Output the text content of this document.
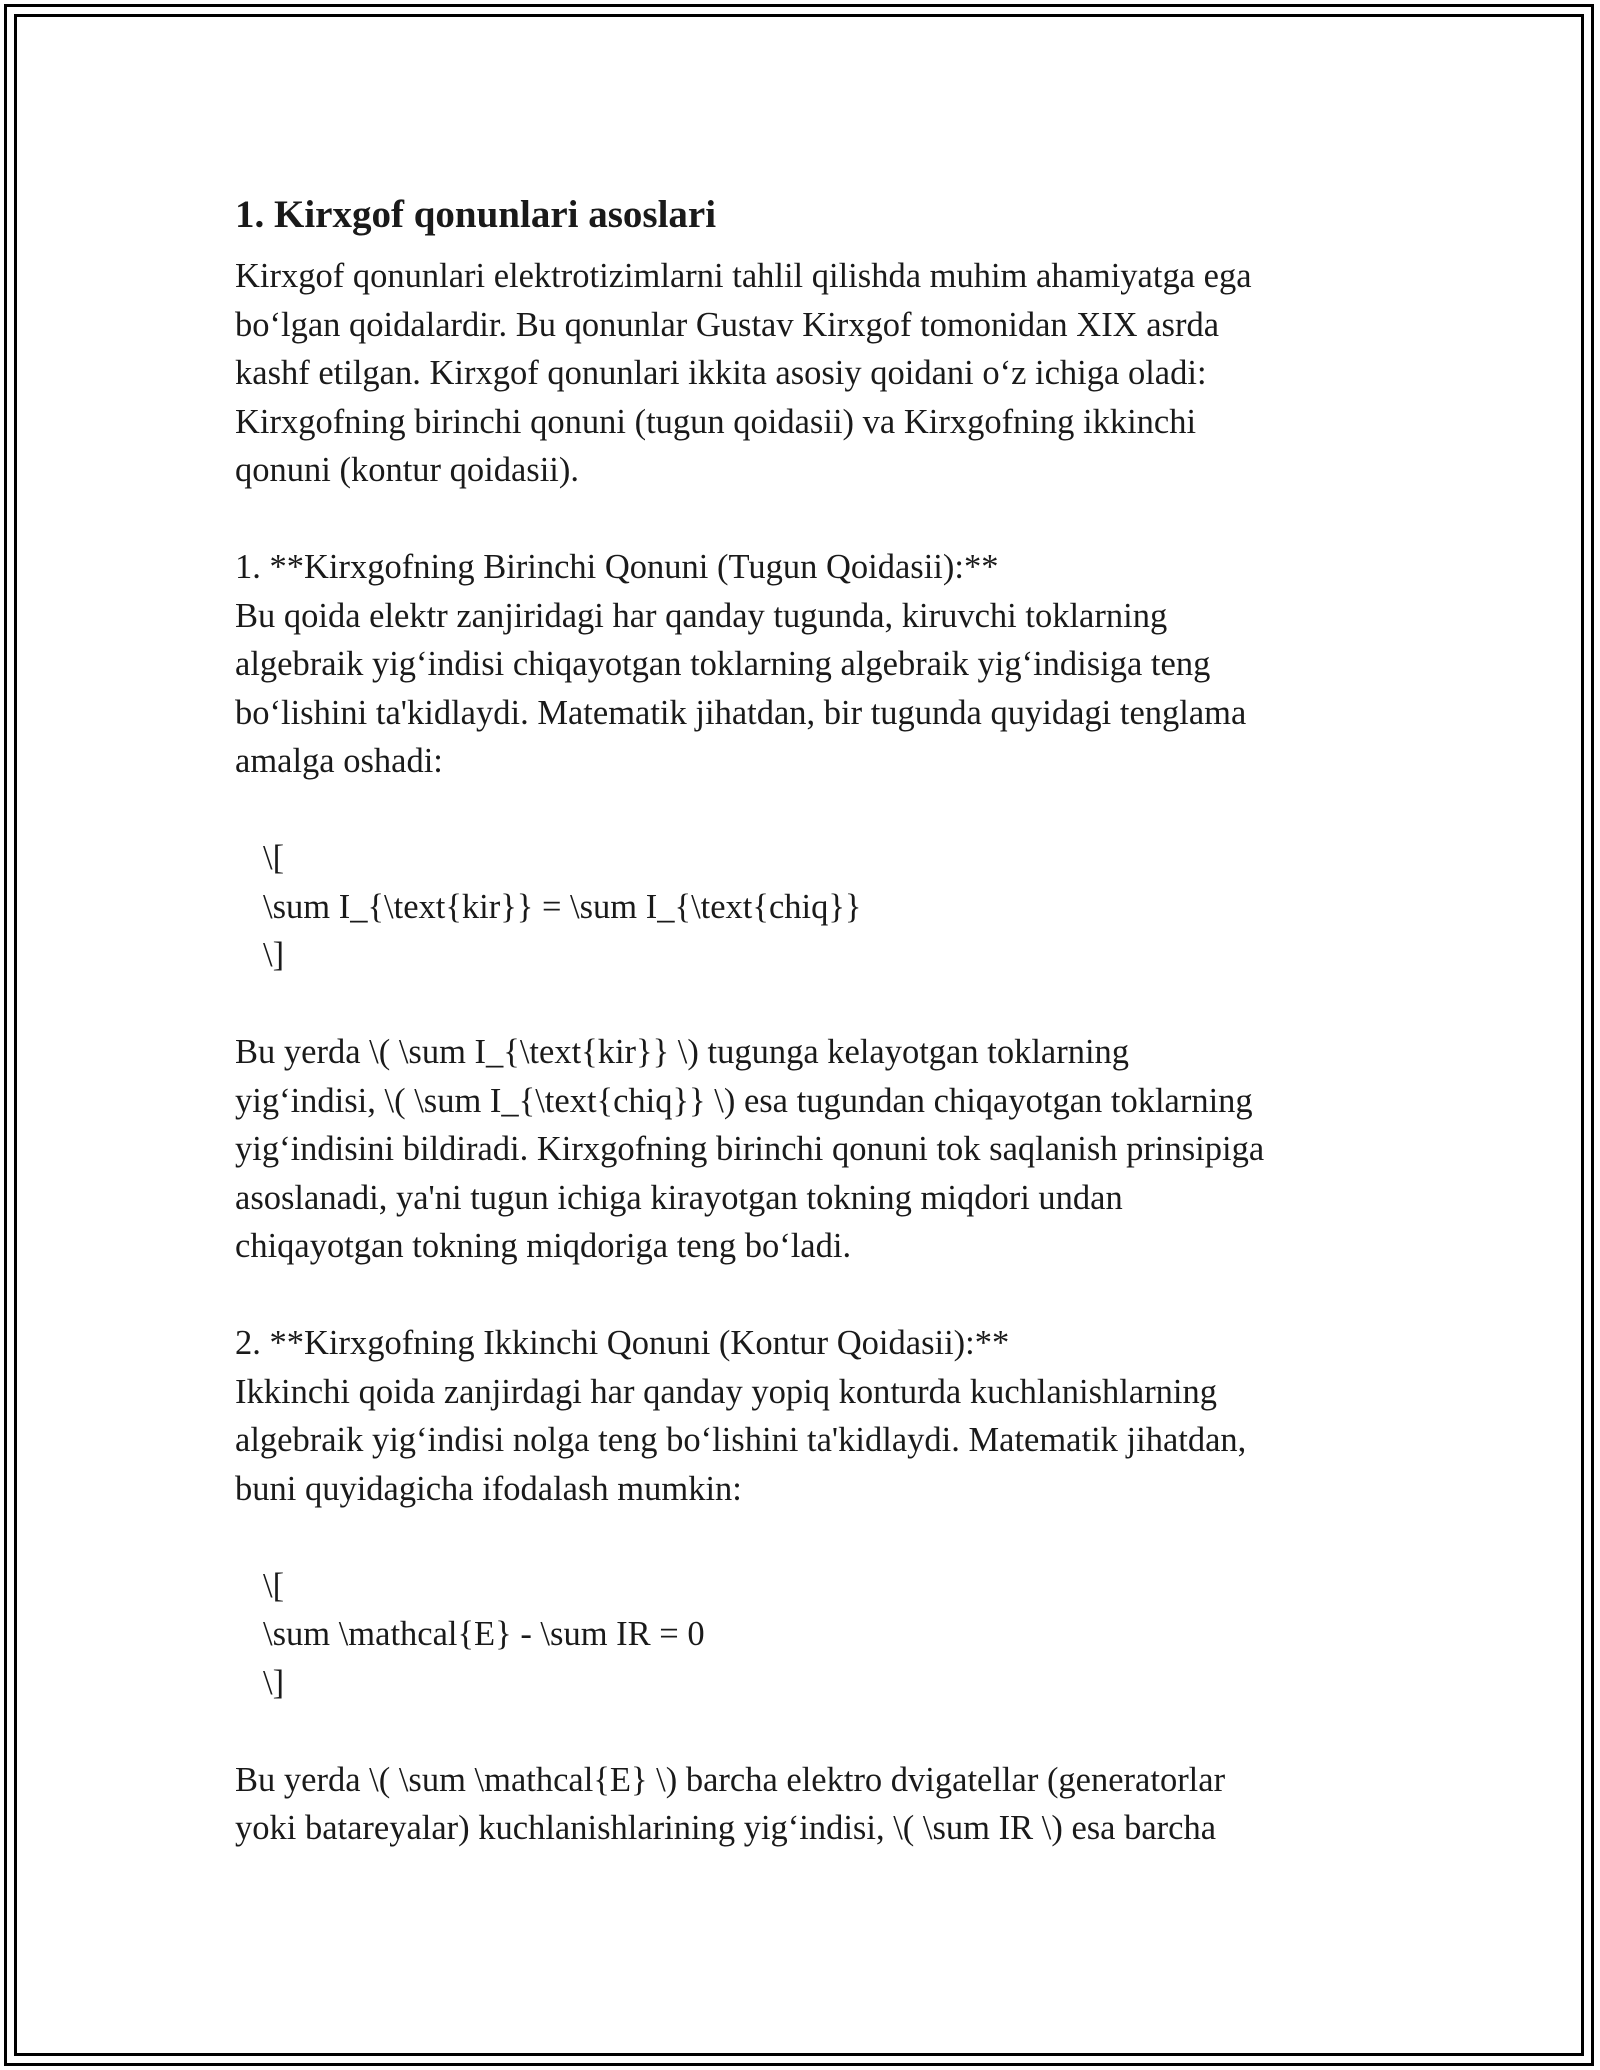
1. Kirxgof qonunlari asoslari

Kirxgof qonunlari elektrotizimlarni tahlil qilishda muhim ahamiyatga ega
bo‘lgan qoidalardir. Bu qonunlar Gustav Kirxgof tomonidan XIX asrda
kashf etilgan. Kirxgof qonunlari ikkita asosiy qoidani o‘z ichiga oladi:
Kirxgofning birinchi qonuni (tugun qoidasii) va Kirxgofning ikkinchi
qonuni (kontur qoidasii).

1. **Kirxgofning Birinchi Qonuni (Tugun Qoidasii):**

Bu qoida elektr zanjiridagi har qanday tugunda, kiruvchi toklarning
algebraik yig‘indisi chiqayotgan toklarning algebraik yig‘indisiga teng
bo‘lishini ta'kidlaydi. Matematik jihatdan, bir tugunda quyidagi tenglama
amalga oshadi:

\[

\sum I_{\text{kir}} = \sum I_{\text{chiq}}

\]

Bu yerda \( \sum I_{\text{kir}} \) tugunga kelayotgan toklarning
yig‘indisi, \( \sum I_{\text{chiq}} \) esa tugundan chiqayotgan toklarning
yig‘indisini bildiradi. Kirxgofning birinchi qonuni tok saqlanish prinsipiga
asoslanadi, ya'ni tugun ichiga kirayotgan tokning miqdori undan
chiqayotgan tokning miqdoriga teng bo‘ladi.

2. **Kirxgofning Ikkinchi Qonuni (Kontur Qoidasii):**

Ikkinchi qoida zanjirdagi har qanday yopiq konturda kuchlanishlarning
algebraik yig‘indisi nolga teng bo‘lishini ta'kidlaydi. Matematik jihatdan,
buni quyidagicha ifodalash mumkin:

\[

\sum \mathcal{E} - \sum IR = 0

\]

Bu yerda \( \sum \mathcal{E} \) barcha elektro dvigatellar (generatorlar
yoki batareyalar) kuchlanishlarining yig‘indisi, \( \sum IR \) esa barcha
